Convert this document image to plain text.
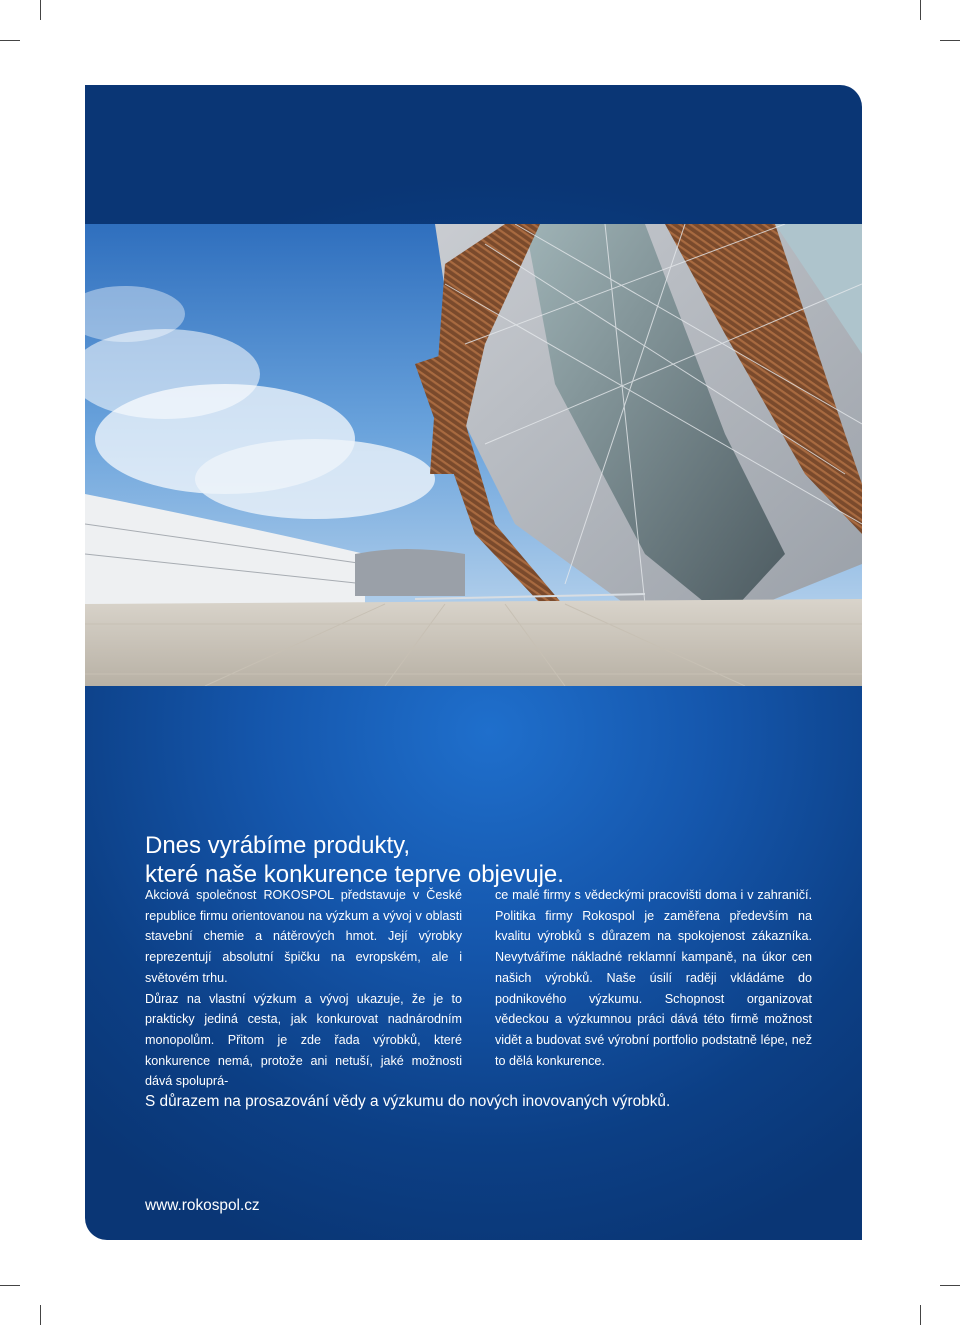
Dnes vyrábíme produkty,
které naše konkurence teprve objevuje.

Akciová společnost ROKOSPOL představuje v České republice firmu orientovanou na výzkum a vývoj v oblasti stavební chemie a nátěrových hmot. Její výrobky reprezentují absolutní špičku na evropském, ale i světovém trhu.

Důraz na vlastní výzkum a vývoj ukazuje, že je to prakticky jediná cesta, jak konkurovat nadnárodním monopolům. Přitom je zde řada výrobků, které konkurence nemá, protože ani netuší, jaké možnosti dává spoluprá-

ce malé firmy s vědeckými pracovišti doma i v zahraničí. Politika firmy Rokospol je zaměřena především na kvalitu výrobků s důrazem na spokojenost zákazníka. Nevytváříme nákladné reklamní kampaně, na úkor cen našich výrobků. Naše úsilí raději vkládáme do podnikového výzkumu. Schopnost organizovat vědeckou a výzkumnou práci dává této firmě možnost vidět a budovat své výrobní portfolio podstatně lépe, než to dělá konkurence.

S důrazem na prosazování vědy a výzkumu do nových inovovaných výrobků.
www.rokospol.cz
